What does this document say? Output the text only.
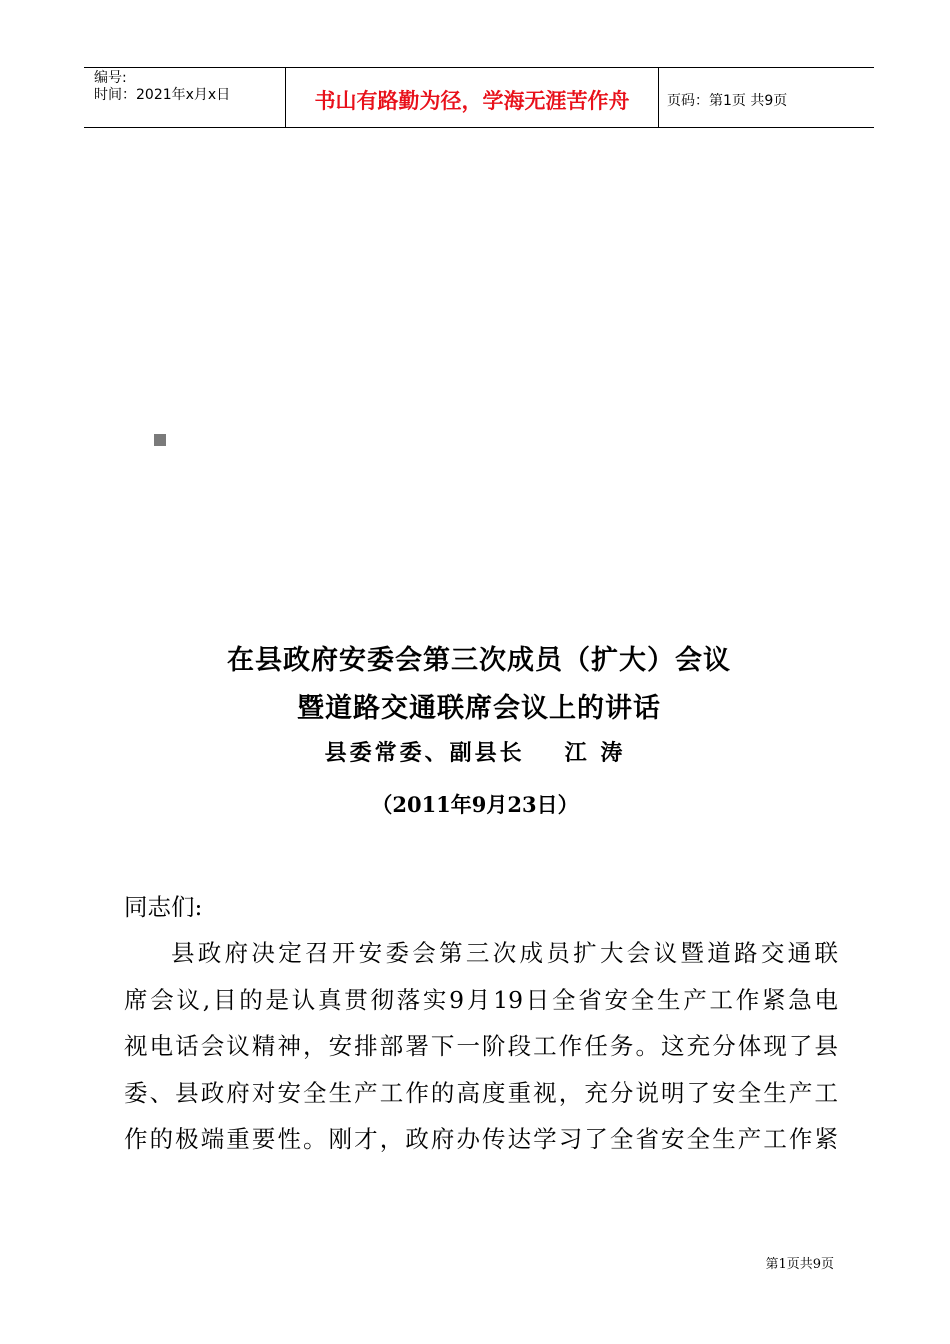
编号:
时间：2021年x月x日	书山有路勤为径，学海无涯苦作舟	页码：第1页 共9页
在县政府安委会第三次成员（扩大）会议
暨道路交通联席会议上的讲话
县委常委、副县长 江 涛
（2011年9月23日）
同志们:
县政府决定召开安委会第三次成员扩大会议暨道路交通联
席会议,目的是认真贯彻落实9月19日全省安全生产工作紧急电
视电话会议精神，安排部署下一阶段工作任务。这充分体现了县
委、县政府对安全生产工作的高度重视，充分说明了安全生产工
作的极端重要性。刚才，政府办传达学习了全省安全生产工作紧
第1页共9页
